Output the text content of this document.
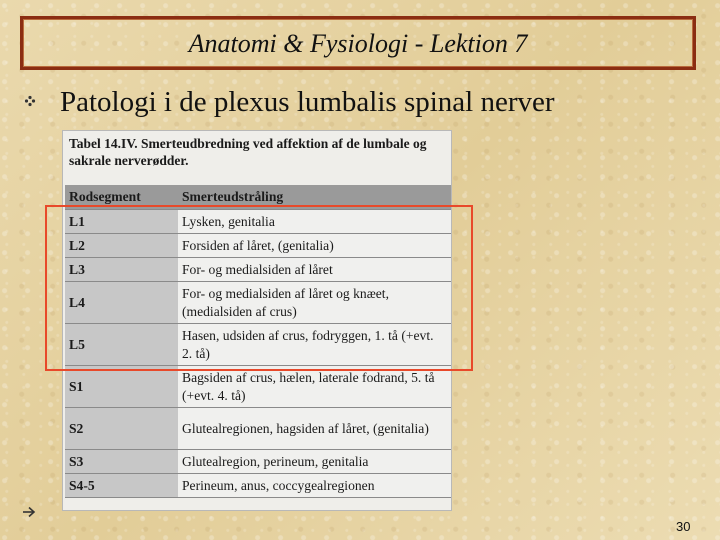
Anatomi & Fysiologi - Lektion 7
Patologi i de plexus lumbalis spinal nerver
Tabel 14.IV. Smerteudbredning ved affektion af de lumbale og sakrale nerverødder.
Rodsegment	Smerteudstråling
L1	Lysken, genitalia
L2	Forsiden af låret, (genitalia)
L3	For- og medialsiden af låret
L4	For- og medialsiden af låret og knæet, (medialsiden af crus)
L5	Hasen, udsiden af crus, fodryggen, 1. tå (+evt. 2. tå)
S1	Bagsiden af crus, hælen, laterale fodrand, 5. tå (+evt. 4. tå)
S2	Glutealregionen, hagsiden af låret, (genitalia)
S3	Glutealregion, perineum, genitalia
S4-5	Perineum, anus, coccygealregionen
30
